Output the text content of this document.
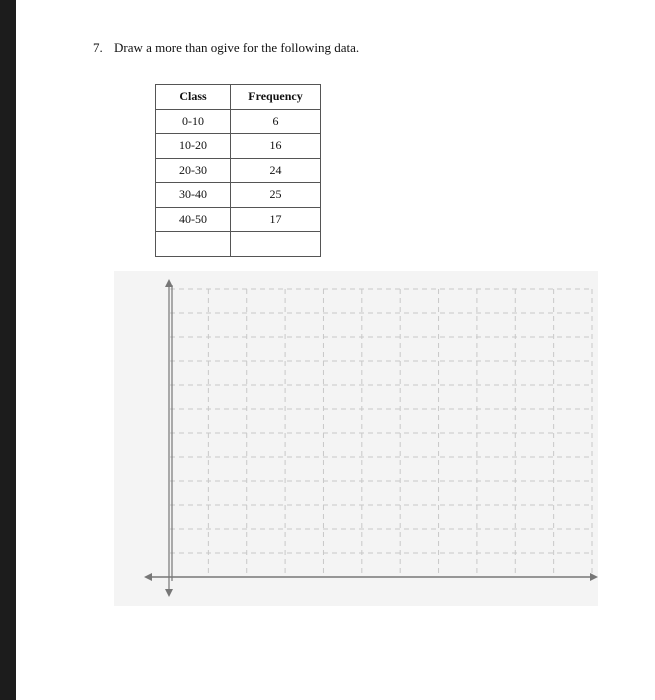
7. Draw a more than ogive for the following data.
Class	Frequency
0-10	6
10-20	16
20-30	24
30-40	25
40-50	17
